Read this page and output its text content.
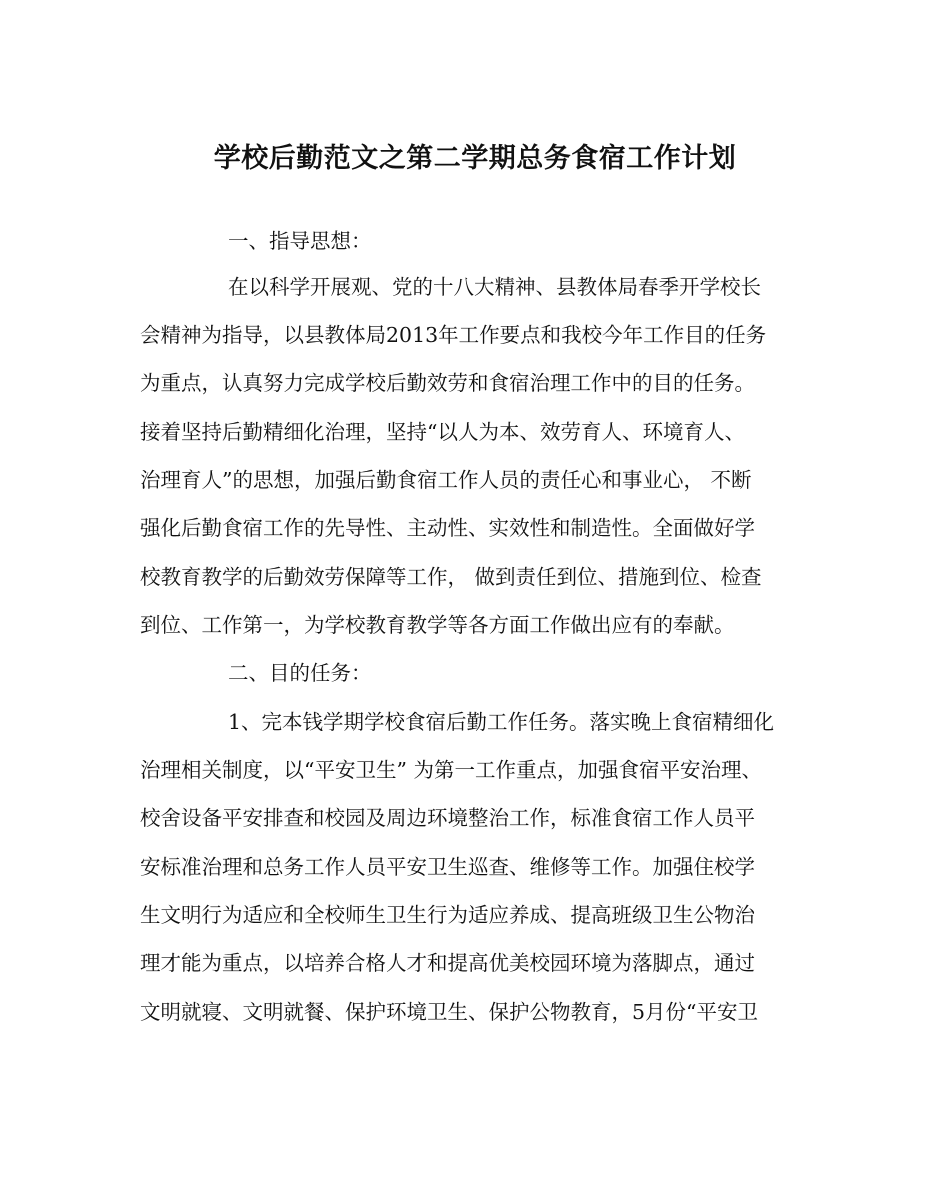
学校后勤范文之第二学期总务食宿工作计划
一、指导思想：
在以科学开展观、党的十八大精神、县教体局春季开学校长
会精神为指导，以县教体局2013年工作要点和我校今年工作目的任务
为重点，认真努力完成学校后勤效劳和食宿治理工作中的目的任务。
接着坚持后勤精细化治理，坚持“以人为本、效劳育人、环境育人、
治理育人”的思想，加强后勤食宿工作人员的责任心和事业心， 不断
强化后勤食宿工作的先导性、主动性、实效性和制造性。全面做好学
校教育教学的后勤效劳保障等工作， 做到责任到位、措施到位、检查
到位、工作第一，为学校教育教学等各方面工作做出应有的奉献。
二、目的任务：
1、完本钱学期学校食宿后勤工作任务。落实晚上食宿精细化
治理相关制度，以“平安卫生” 为第一工作重点，加强食宿平安治理、
校舍设备平安排查和校园及周边环境整治工作，标准食宿工作人员平
安标准治理和总务工作人员平安卫生巡查、维修等工作。加强住校学
生文明行为适应和全校师生卫生行为适应养成、提高班级卫生公物治
理才能为重点，以培养合格人才和提高优美校园环境为落脚点，通过
文明就寝、文明就餐、保护环境卫生、保护公物教育，5月份“平安卫
